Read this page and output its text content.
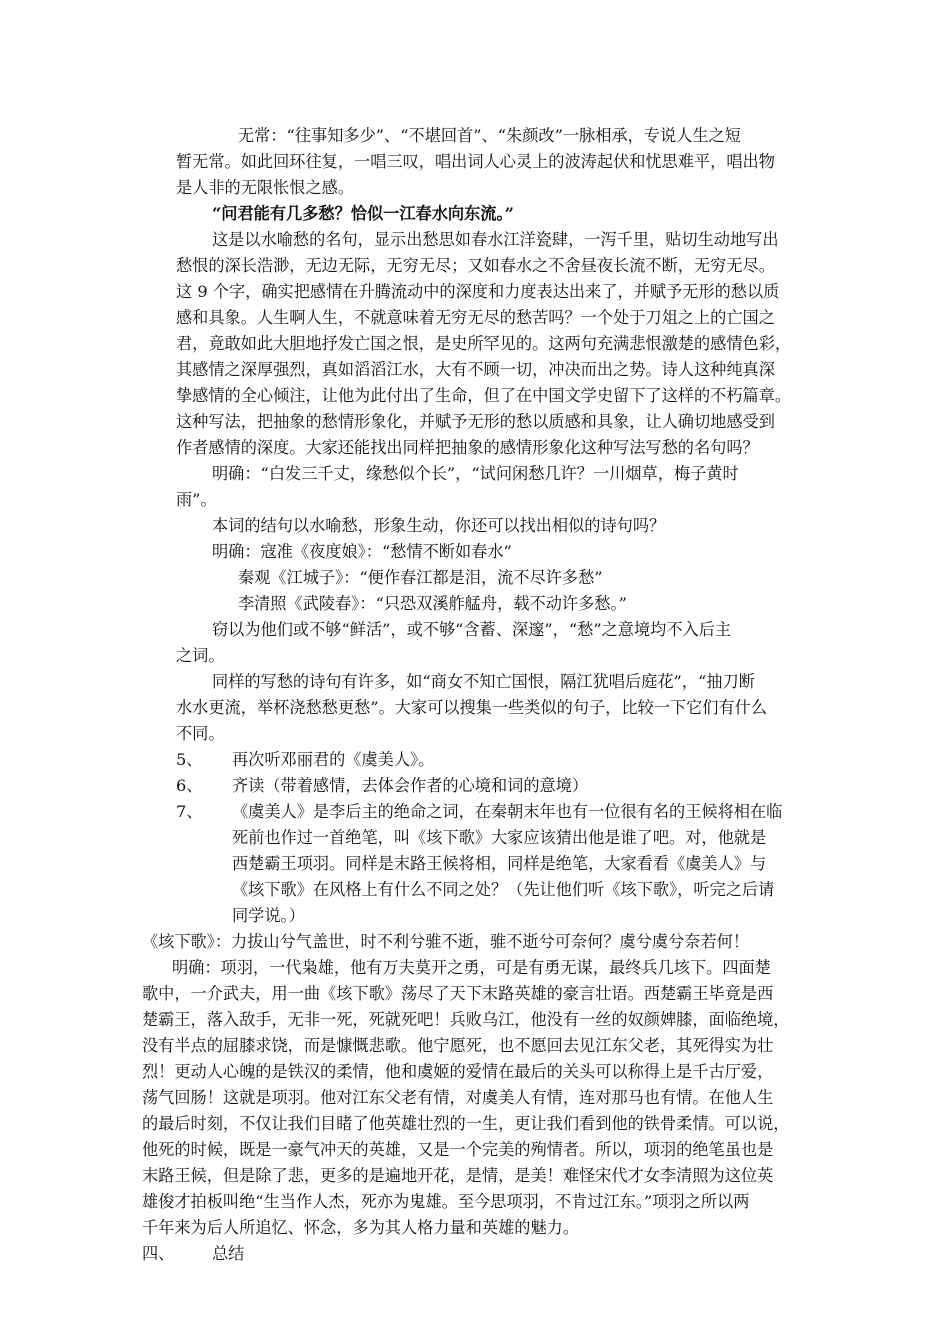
无常：“往事知多少”、“不堪回首”、“朱颜改”一脉相承，专说人生之短
暂无常。如此回环往复，一唱三叹，唱出词人心灵上的波涛起伏和忧思难平，唱出物
是人非的无限怅恨之感。
“问君能有几多愁？恰似一江春水向东流。”
这是以水喻愁的名句，显示出愁思如春水江洋瓷肆，一泻千里，贴切生动地写出
愁恨的深长浩渺，无边无际，无穷无尽；又如春水之不舍昼夜长流不断，无穷无尽。
这 9 个字，确实把感情在升腾流动中的深度和力度表达出来了，并赋予无形的愁以质
感和具象。人生啊人生，不就意味着无穷无尽的愁苦吗？一个处于刀俎之上的亡国之
君，竟敢如此大胆地抒发亡国之恨，是史所罕见的。这两句充满悲恨激楚的感情色彩，
其感情之深厚强烈，真如滔滔江水，大有不顾一切，冲决而出之势。诗人这种纯真深
挚感情的全心倾注，让他为此付出了生命，但了在中国文学史留下了这样的不朽篇章。
这种写法，把抽象的愁情形象化，并赋予无形的愁以质感和具象，让人确切地感受到
作者感情的深度。大家还能找出同样把抽象的感情形象化这种写法写愁的名句吗？
明确：“白发三千丈，缘愁似个长”，“试问闲愁几许？一川烟草，梅子黄时
雨”。
本词的结句以水喻愁，形象生动，你还可以找出相似的诗句吗？
明确：寇准《夜度娘》：“愁情不断如春水”
秦观《江城子》：“便作春江都是泪，流不尽许多愁”
李清照《武陵春》：“只恐双溪舴艋舟，载不动许多愁。”
窃以为他们或不够“鲜活”，或不够“含蓄、深邃”，“愁”之意境均不入后主
之词。
同样的写愁的诗句有许多，如“商女不知亡国恨，隔江犹唱后庭花”，“抽刀断
水水更流，举杯浇愁愁更愁”。大家可以搜集一些类似的句子，比较一下它们有什么
不同。
5、 再次听邓丽君的《虞美人》。
6、 齐读（带着感情，去体会作者的心境和词的意境）
7、 《虞美人》是李后主的绝命之词，在秦朝末年也有一位很有名的王候将相在临
死前也作过一首绝笔，叫《垓下歌》大家应该猜出他是谁了吧。对，他就是
西楚霸王项羽。同样是末路王候将相，同样是绝笔，大家看看《虞美人》与
《垓下歌》在风格上有什么不同之处？（先让他们听《垓下歌》，听完之后请
同学说。）
《垓下歌》：力拔山兮气盖世，时不利兮骓不逝，骓不逝兮可奈何？虞兮虞兮奈若何！
明确：项羽，一代枭雄，他有万夫莫开之勇，可是有勇无谋，最终兵几垓下。四面楚
歌中，一介武夫，用一曲《垓下歌》荡尽了天下末路英雄的豪言壮语。西楚霸王毕竟是西
楚霸王，落入敌手，无非一死，死就死吧！兵败乌江，他没有一丝的奴颜婢膝，面临绝境，
没有半点的屈膝求饶，而是慷慨悲歌。他宁愿死，也不愿回去见江东父老，其死得实为壮
烈！更动人心魄的是铁汉的柔情，他和虞姬的爱情在最后的关头可以称得上是千古厅爱，
荡气回肠！这就是项羽。他对江东父老有情，对虞美人有情，连对那马也有情。在他人生
的最后时刻，不仅让我们目睹了他英雄壮烈的一生，更让我们看到他的铁骨柔情。可以说，
他死的时候，既是一豪气冲天的英雄，又是一个完美的殉情者。所以，项羽的绝笔虽也是
末路王候，但是除了悲，更多的是遍地开花，是情，是美！难怪宋代才女李清照为这位英
雄俊才拍板叫绝“生当作人杰，死亦为鬼雄。至今思项羽，不肯过江东。”项羽之所以两
千年来为后人所追忆、怀念，多为其人格力量和英雄的魅力。
四、 总结
